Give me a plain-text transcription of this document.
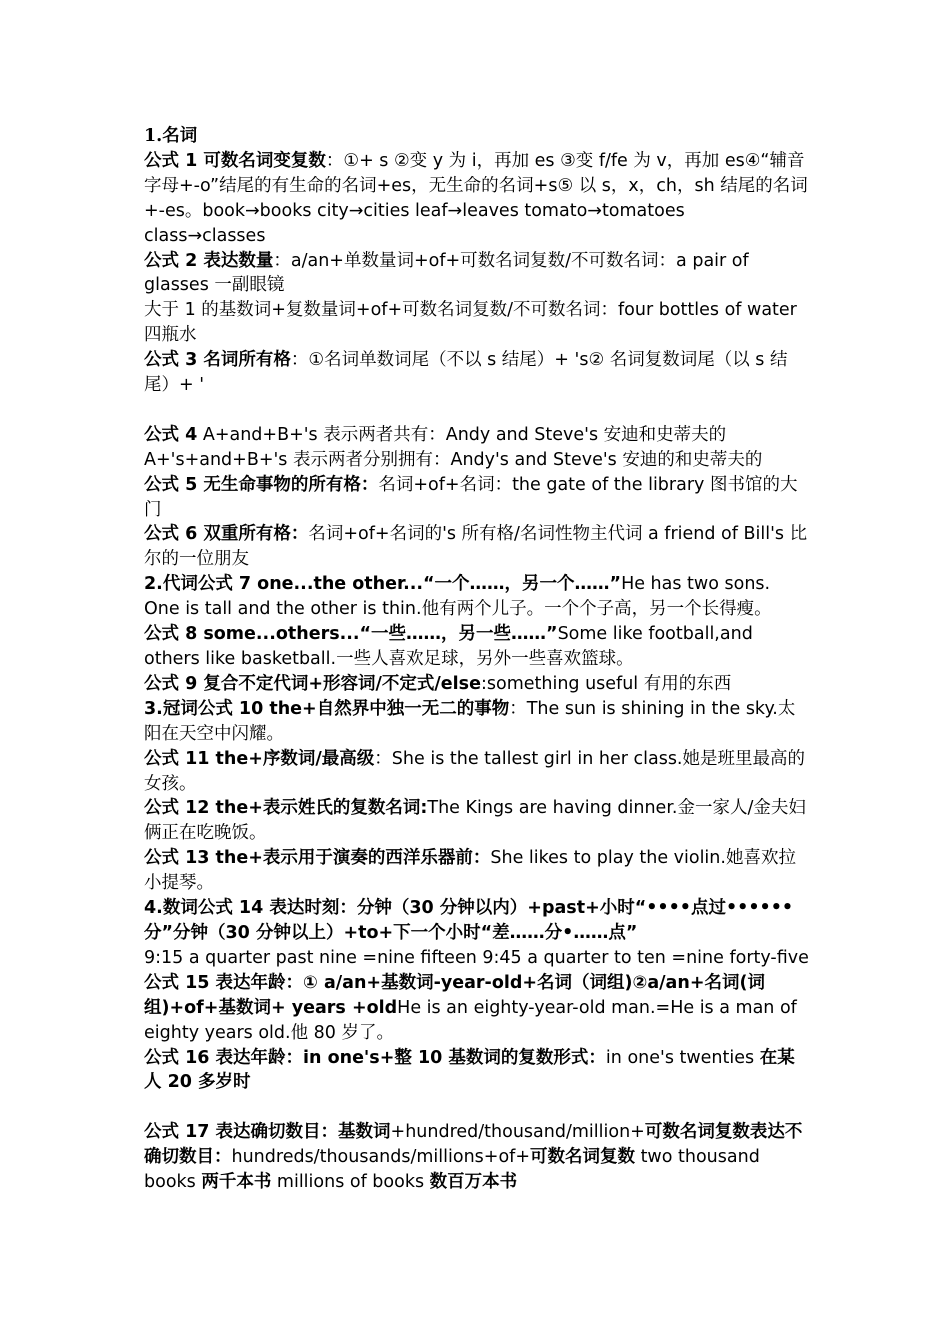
1.名词

公式 1 可数名词变复数：①+ s ②变 y 为 i，再加 es ③变 f/fe 为 v，再加 es④“辅音字母+-o”结尾的有生命的名词+es，无生命的名词+s⑤ 以 s，x，ch，sh 结尾的名词+-es。book→books city→cities leaf→leaves tomato→tomatoes class→classes

公式 2 表达数量：a/an+单数量词+of+可数名词复数/不可数名词：a pair of glasses 一副眼镜

大于 1 的基数词+复数量词+of+可数名词复数/不可数名词：four bottles of water 四瓶水

公式 3 名词所有格：①名词单数词尾（不以 s 结尾）+ 's② 名词复数词尾（以 s 结尾）+ '

公式 4 A+and+B+'s 表示两者共有：Andy and Steve's 安迪和史蒂夫的

A+'s+and+B+'s 表示两者分别拥有：Andy's and Steve's 安迪的和史蒂夫的

公式 5 无生命事物的所有格：名词+of+名词：the gate of the library 图书馆的大门

公式 6 双重所有格：名词+of+名词的's 所有格/名词性物主代词 a friend of Bill's 比尔的一位朋友

2.代词公式 7 one...the other...“一个……，另一个……”He has two sons. One is tall and the other is thin.他有两个儿子。一个个子高，另一个长得瘦。

公式 8 some...others...“一些……，另一些……”Some like football,and others like basketball.一些人喜欢足球，另外一些喜欢篮球。

公式 9 复合不定代词+形容词/不定式/else:something useful 有用的东西

3.冠词公式 10 the+自然界中独一无二的事物：The sun is shining in the sky.太阳在天空中闪耀。

公式 11 the+序数词/最高级：She is the tallest girl in her class.她是班里最高的女孩。

公式 12 the+表示姓氏的复数名词:The Kings are having dinner.金一家人/金夫妇俩正在吃晚饭。

公式 13 the+表示用于演奏的西洋乐器前：She likes to play the violin.她喜欢拉小提琴。

4.数词公式 14 表达时刻：分钟（30 分钟以内）+past+小时“••••点过••••••分”分钟（30 分钟以上）+to+下一个小时“差……分•……点”

9:15 a quarter past nine =nine fifteen 9:45 a quarter to ten =nine forty-five

公式 15 表达年龄：① a/an+基数词-year-old+名词（词组)②a/an+名词(词组)+of+基数词+ years +oldHe is an eighty-year-old man.=He is a man of eighty years old.他 80 岁了。

公式 16 表达年龄：in one's+整 10 基数词的复数形式：in one's twenties 在某人 20 多岁时

公式 17 表达确切数目：基数词+hundred/thousand/million+可数名词复数表达不确切数目：hundreds/thousands/millions+of+可数名词复数 two thousand books 两千本书 millions of books 数百万本书
